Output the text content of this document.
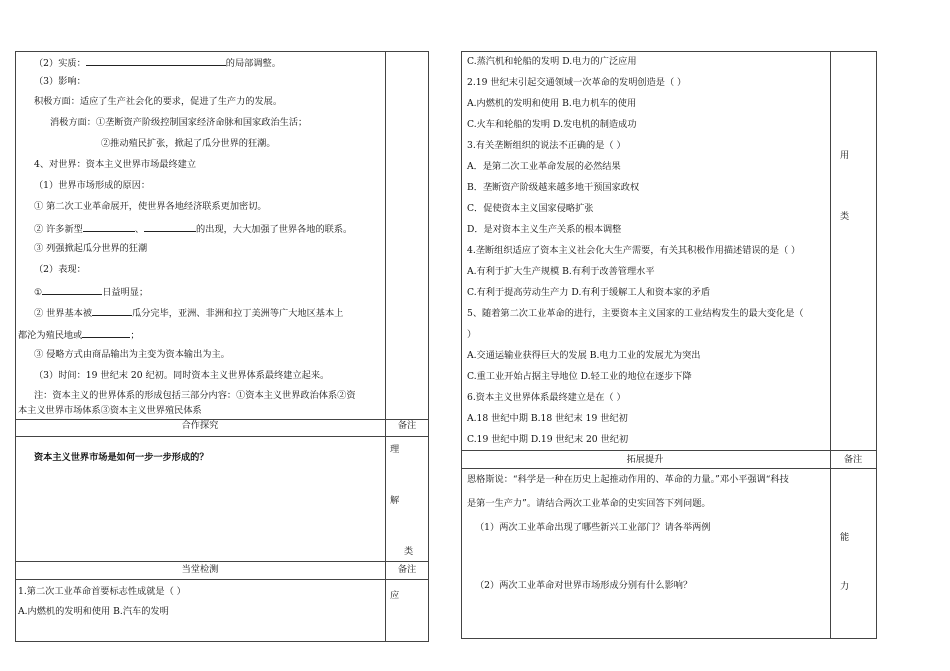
（2）实质：	的局部调整。
（3）影响：
积极方面：适应了生产社会化的要求，促进了生产力的发展。
消极方面：①垄断资产阶级控制国家经济命脉和国家政治生活；
②推动殖民扩张，掀起了瓜分世界的狂潮。
4、对世界：资本主义世界市场最终建立
（1）世界市场形成的原因：
① 第二次工业革命展开，使世界各地经济联系更加密切。
② 许多新型	、	的出现，大大加强了世界各地的联系。
③ 列强掀起瓜分世界的狂潮
（2）表现：
①	日益明显；
② 世界基本被	瓜分完毕，亚洲、非洲和拉丁美洲等广大地区基本上
都沦为殖民地或	；
③ 侵略方式由商品输出为主变为资本输出为主。
（3）时间：19 世纪末 20 纪初。同时资本主义世界体系最终建立起来。
注：资本主义的世界体系的形成包括三部分内容：①资本主义世界政治体系②资
本主义世界市场体系③资本主义世界殖民体系
合作探究	备注
资本主义世界市场是如何一步一步形成的？
理
解
类
当堂检测	备注
1.第二次工业革命首要标志性成就是（ ）
A.内燃机的发明和使用 B.汽车的发明
应
C.蒸汽机和轮船的发明 D.电力的广泛应用
2.19 世纪末引起交通领域一次革命的发明创造是（ ）
A.内燃机的发明和使用 B.电力机车的使用
C.火车和轮船的发明 D.发电机的制造成功
3.有关垄断组织的说法不正确的是（ ）
A．是第二次工业革命发展的必然结果
B．垄断资产阶级越来越多地干预国家政权
C．促使资本主义国家侵略扩张
D．是对资本主义生产关系的根本调整
4.垄断组织适应了资本主义社会化大生产需要，有关其积极作用描述错误的是（ ）
A.有利于扩大生产规模 B.有利于改善管理水平
C.有利于提高劳动生产力 D.有利于缓解工人和资本家的矛盾
5、随着第二次工业革命的进行，主要资本主义国家的工业结构发生的最大变化是（
）
A.交通运输业获得巨大的发展 B.电力工业的发展尤为突出
C.重工业开始占据主导地位 D.轻工业的地位在逐步下降
6.资本主义世界体系最终建立是在（ ）
A.18 世纪中期 B.18 世纪末 19 世纪初
C.19 世纪中期 D.19 世纪末 20 世纪初
用
类
拓展提升	备注
恩格斯说：“科学是一种在历史上起推动作用的、革命的力量。”邓小平强调“科技
是第一生产力”。请结合两次工业革命的史实回答下列问题。
（1）两次工业革命出现了哪些新兴工业部门？请各举两例
（2）两次工业革命对世界市场形成分别有什么影响？
能
力
